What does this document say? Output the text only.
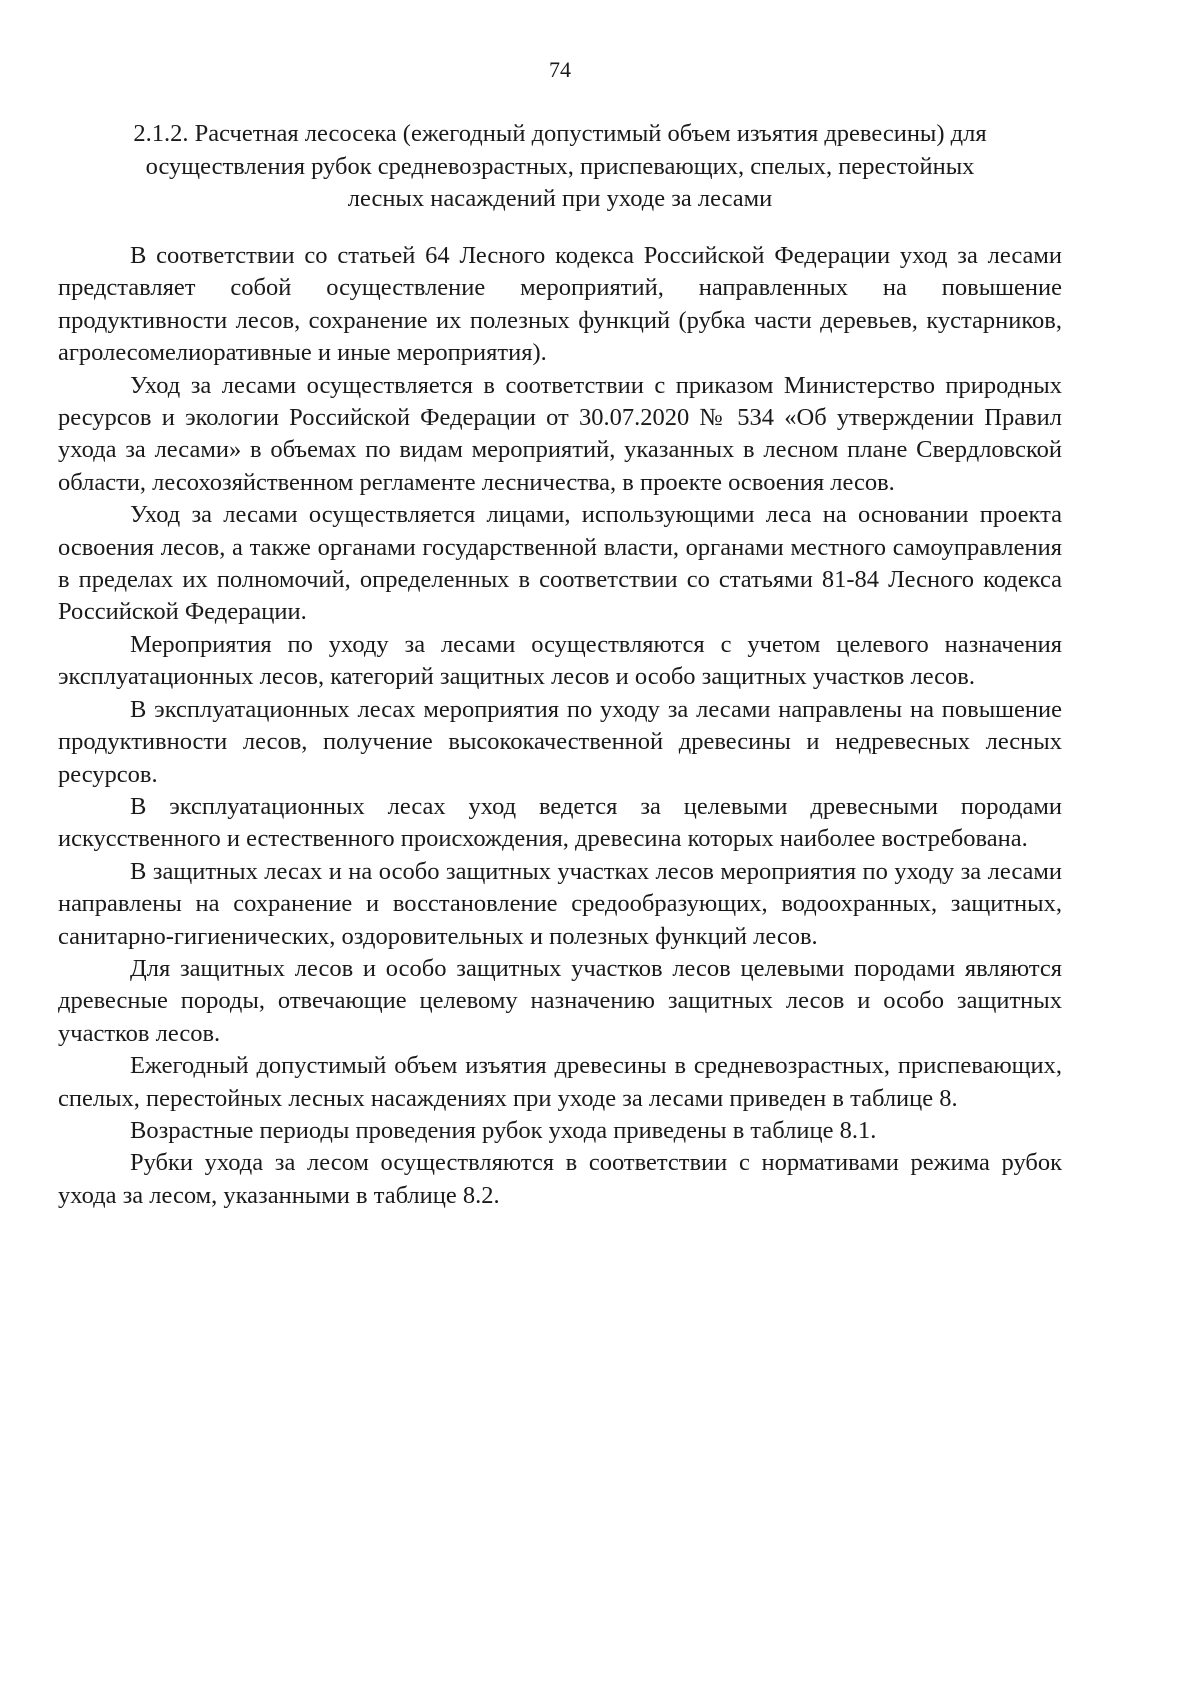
74
2.1.2. Расчетная лесосека (ежегодный допустимый объем изъятия древесины) для
осуществления рубок средневозрастных, приспевающих, спелых, перестойных
лесных насаждений при уходе за лесами

В соответствии со статьей 64 Лесного кодекса Российской Федерации уход за лесами представляет собой осуществление мероприятий, направленных на повышение продуктивности лесов, сохранение их полезных функций (рубка части деревьев, кустарников, агролесомелиоративные и иные мероприятия).

Уход за лесами осуществляется в соответствии с приказом Министерство природных ресурсов и экологии Российской Федерации от 30.07.2020 № 534 «Об утверждении Правил ухода за лесами» в объемах по видам мероприятий, указанных в лесном плане Свердловской области, лесохозяйственном регламенте лесничества, в проекте освоения лесов.

Уход за лесами осуществляется лицами, использующими леса на основании проекта освоения лесов, а также органами государственной власти, органами местного самоуправления в пределах их полномочий, определенных в соответствии со статьями 81-84 Лесного кодекса Российской Федерации.

Мероприятия по уходу за лесами осуществляются с учетом целевого назначения эксплуатационных лесов, категорий защитных лесов и особо защитных участков лесов.

В эксплуатационных лесах мероприятия по уходу за лесами направлены на повышение продуктивности лесов, получение высококачественной древесины и недревесных лесных ресурсов.

В эксплуатационных лесах уход ведется за целевыми древесными породами искусственного и естественного происхождения, древесина которых наиболее востребована.

В защитных лесах и на особо защитных участках лесов мероприятия по уходу за лесами направлены на сохранение и восстановление средообразующих, водоохранных, защитных, санитарно-гигиенических, оздоровительных и полезных функций лесов.

Для защитных лесов и особо защитных участков лесов целевыми породами являются древесные породы, отвечающие целевому назначению защитных лесов и особо защитных участков лесов.

Ежегодный допустимый объем изъятия древесины в средневозрастных, приспевающих, спелых, перестойных лесных насаждениях при уходе за лесами приведен в таблице 8.

Возрастные периоды проведения рубок ухода приведены в таблице 8.1.

Рубки ухода за лесом осуществляются в соответствии с нормативами режима рубок ухода за лесом, указанными в таблице 8.2.
